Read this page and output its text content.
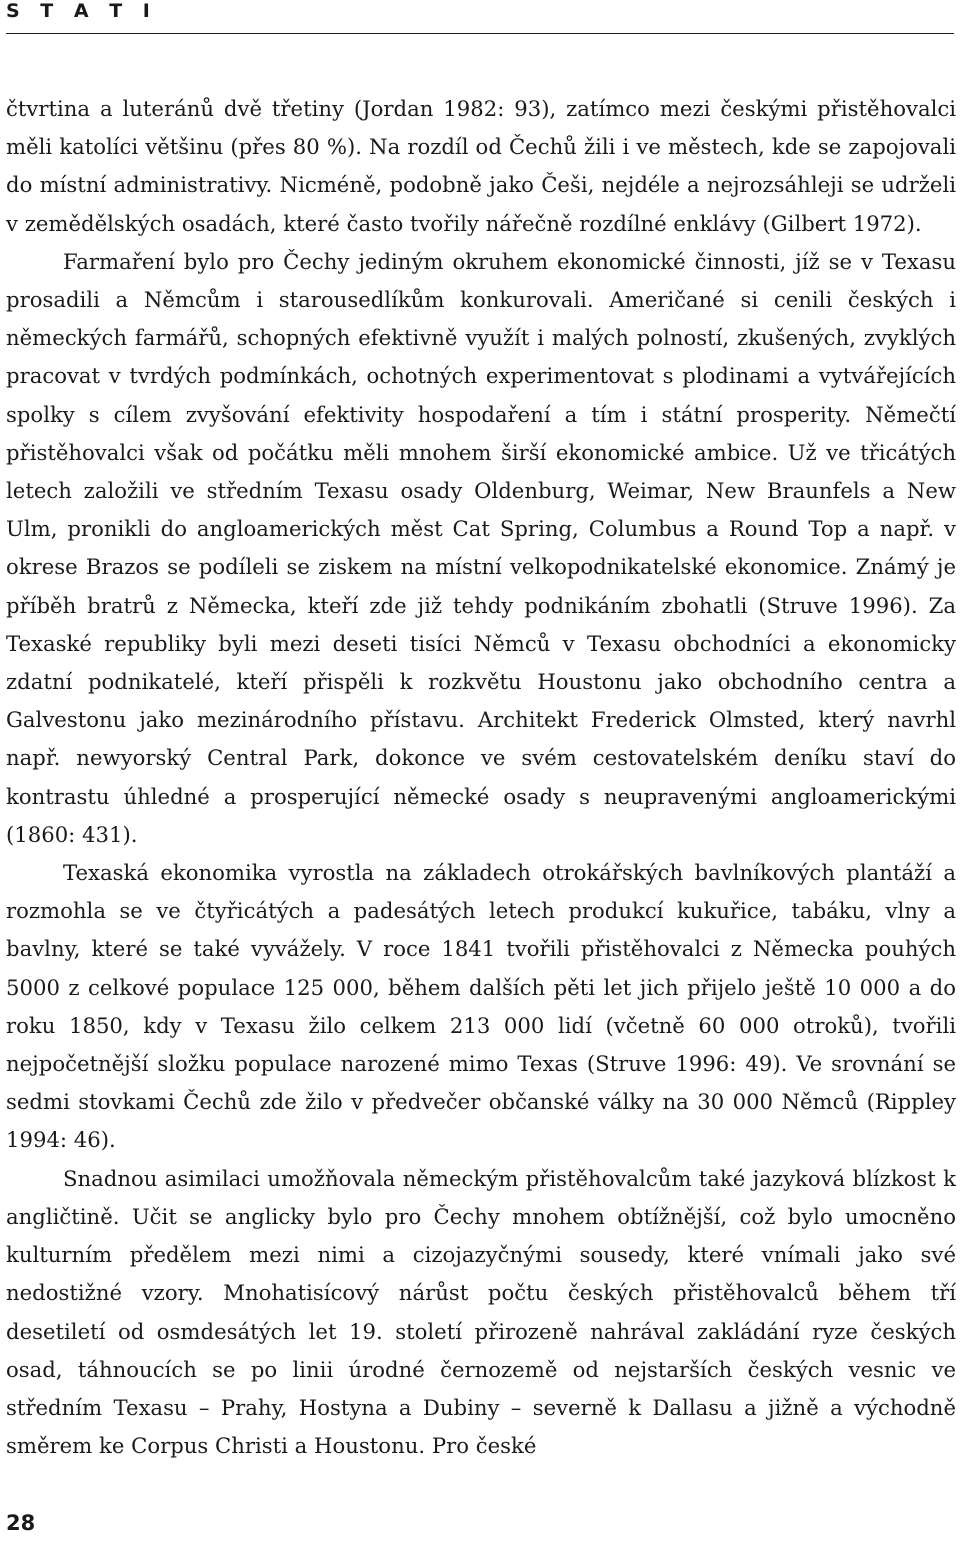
S T A T I

čtvrtina a luteránů dvě třetiny (Jordan 1982: 93), zatímco mezi českými přistěhovalci měli katolíci většinu (přes 80 %). Na rozdíl od Čechů žili i ve městech, kde se zapojovali do místní administrativy. Nicméně, podobně jako Češi, nejdéle a nejrozsáhleji se udrželi v zemědělských osadách, které často tvořily nářečně rozdílné enklávy (Gilbert 1972).

Farmaření bylo pro Čechy jediným okruhem ekonomické činnosti, jíž se v Texasu prosadili a Němcům i starousedlíkům konkurovali. Američané si cenili českých i německých farmářů, schopných efektivně využít i malých polností, zkušených, zvyklých pracovat v tvrdých podmínkách, ochotných experimentovat s plodinami a vytvářejících spolky s cílem zvyšování efektivity hospodaření a tím i státní prosperity. Němečtí přistěhovalci však od počátku měli mnohem širší ekonomické ambice. Už ve třicátých letech založili ve středním Texasu osady Oldenburg, Weimar, New Braunfels a New Ulm, pronikli do angloamerických měst Cat Spring, Columbus a Round Top a např. v okrese Brazos se podíleli se ziskem na místní velkopodnikatelské ekonomice. Známý je příběh bratrů z Německa, kteří zde již tehdy podnikáním zbohatli (Struve 1996). Za Texaské republiky byli mezi deseti tisíci Němců v Texasu obchodníci a ekonomicky zdatní podnikatelé, kteří přispěli k rozkvětu Houstonu jako obchodního centra a Galvestonu jako mezinárodního přístavu. Architekt Frederick Olmsted, který navrhl např. newyorský Central Park, dokonce ve svém cestovatelském deníku staví do kontrastu úhledné a prosperující německé osady s neupravenými angloamerickými (1860: 431).

Texaská ekonomika vyrostla na základech otrokářských bavlníkových plantáží a rozmohla se ve čtyřicátých a padesátých letech produkcí kukuřice, tabáku, vlny a bavlny, které se také vyvážely. V roce 1841 tvořili přistěhovalci z Německa pouhých 5000 z celkové populace 125 000, během dalších pěti let jich přijelo ještě 10 000 a do roku 1850, kdy v Texasu žilo celkem 213 000 lidí (včetně 60 000 otroků), tvořili nejpočetnější složku populace narozené mimo Texas (Struve 1996: 49). Ve srovnání se sedmi stovkami Čechů zde žilo v předvečer občanské války na 30 000 Němců (Rippley 1994: 46).

Snadnou asimilaci umožňovala německým přistěhovalcům také jazyková blízkost k angličtině. Učit se anglicky bylo pro Čechy mnohem obtížnější, což bylo umocněno kulturním předělem mezi nimi a cizojazyčnými sousedy, které vnímali jako své nedostižné vzory. Mnohatisícový nárůst počtu českých přistěhovalců během tří desetiletí od osmdesátých let 19. století přirozeně nahrával zakládání ryze českých osad, táhnoucích se po linii úrodné černozemě od nejstarších českých vesnic ve středním Texasu – Prahy, Hostyna a Dubiny – severně k Dallasu a jižně a východně směrem ke Corpus Christi a Houstonu. Pro české

28
